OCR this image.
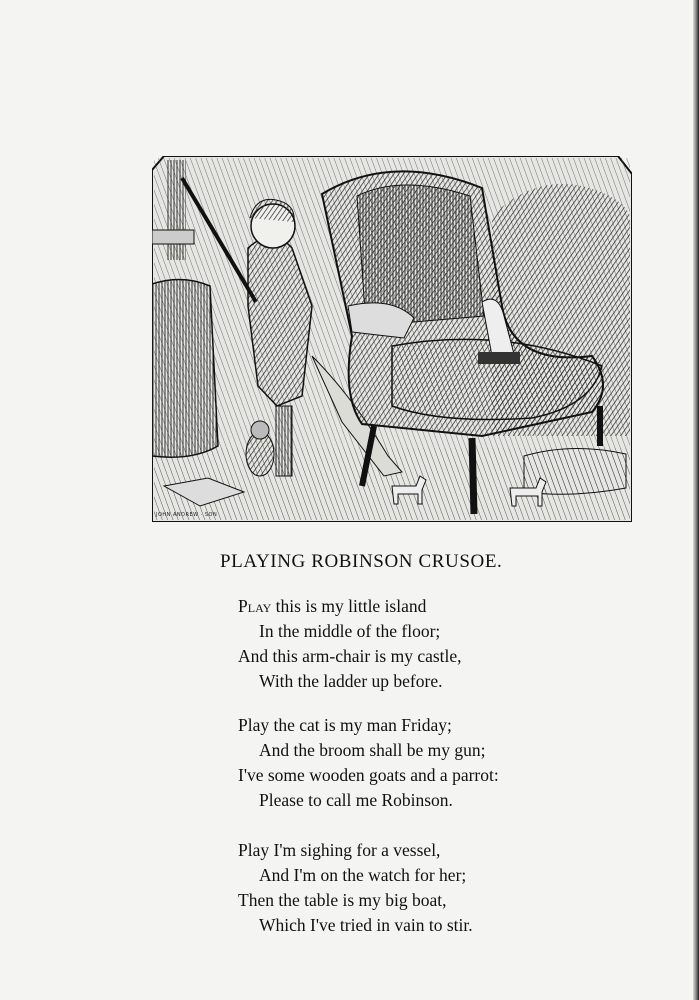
JOHN ANDREW · SON
PLAYING ROBINSON CRUSOE.
Play this is my little island
In the middle of the floor;
And this arm-chair is my castle,
With the ladder up before.
Play the cat is my man Friday;
And the broom shall be my gun;
I've some wooden goats and a parrot:
Please to call me Robinson.
Play I'm sighing for a vessel,
And I'm on the watch for her;
Then the table is my big boat,
Which I've tried in vain to stir.
